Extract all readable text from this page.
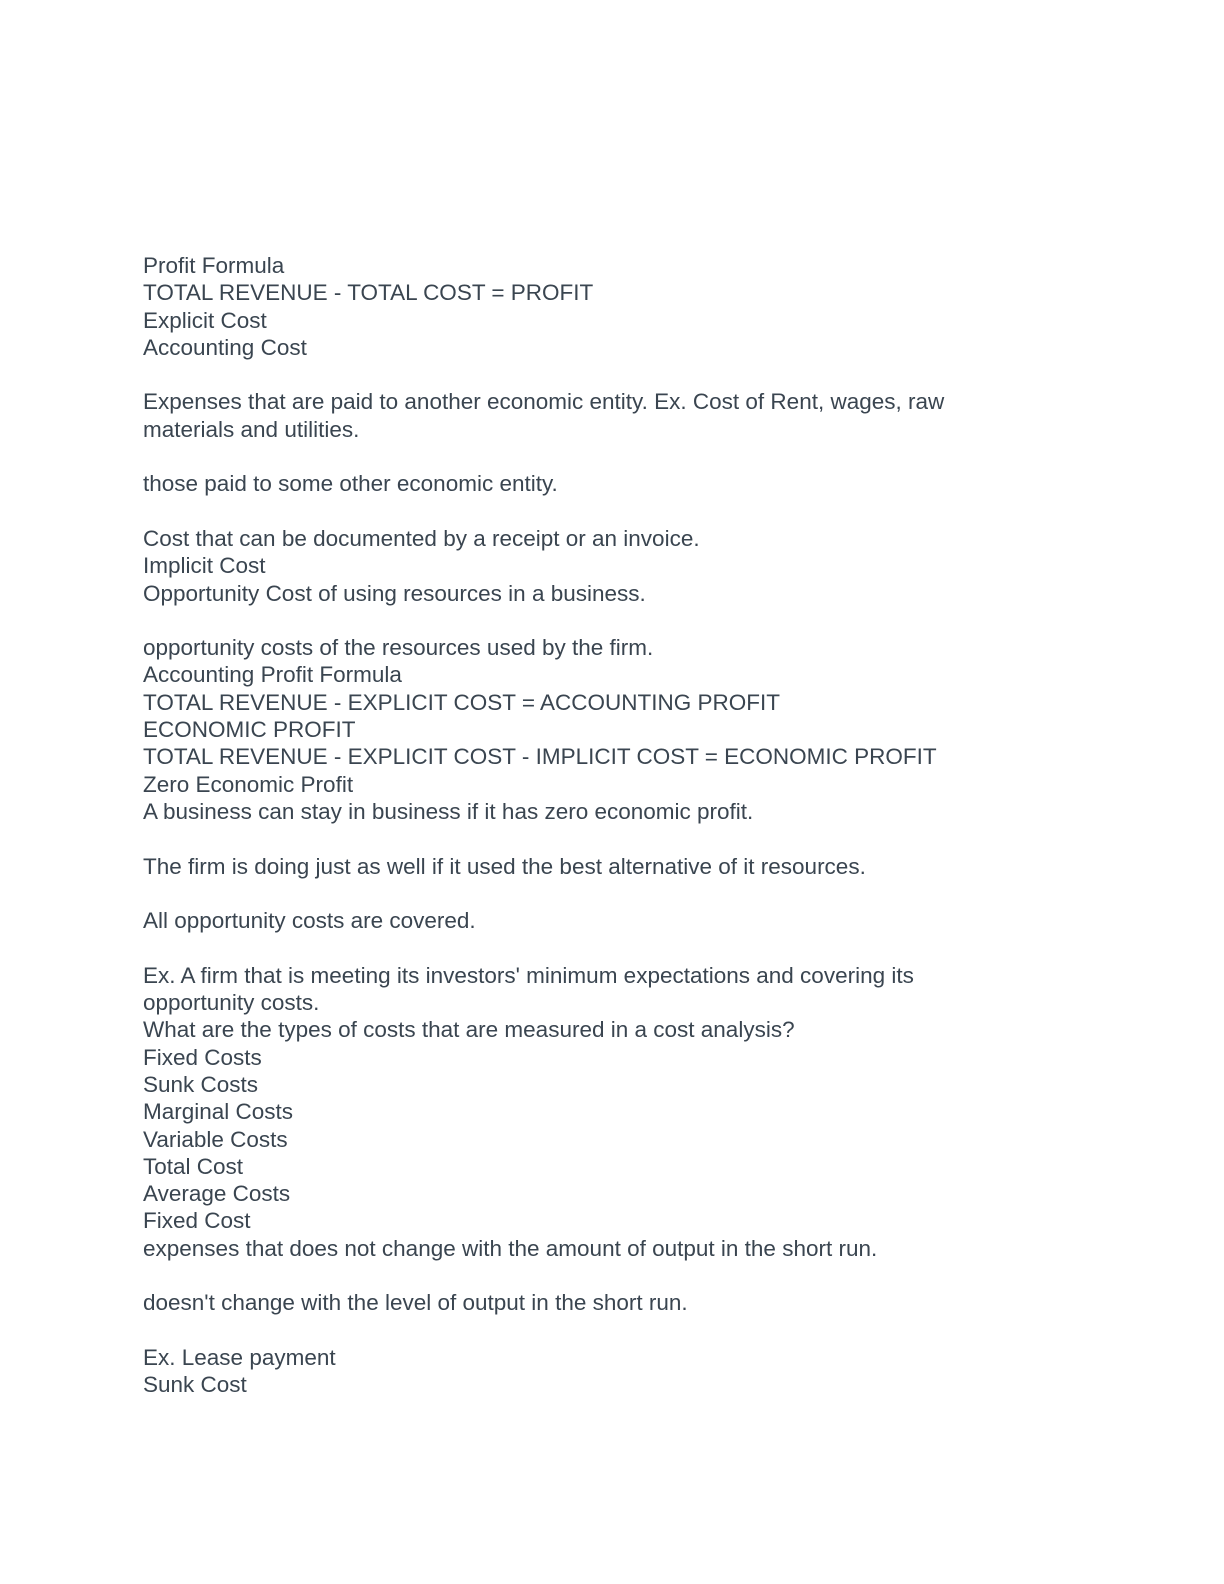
Profit Formula
TOTAL REVENUE - TOTAL COST = PROFIT
Explicit Cost
Accounting Cost
Expenses that are paid to another economic entity. Ex. Cost of Rent, wages, raw materials and utilities.
those paid to some other economic entity.
Cost that can be documented by a receipt or an invoice.
Implicit Cost
Opportunity Cost of using resources in a business.
opportunity costs of the resources used by the firm.
Accounting Profit Formula
TOTAL REVENUE - EXPLICIT COST = ACCOUNTING PROFIT
ECONOMIC PROFIT
TOTAL REVENUE - EXPLICIT COST - IMPLICIT COST = ECONOMIC PROFIT
Zero Economic Profit
A business can stay in business if it has zero economic profit.
The firm is doing just as well if it used the best alternative of it resources.
All opportunity costs are covered.
Ex. A firm that is meeting its investors' minimum expectations and covering its opportunity costs.
What are the types of costs that are measured in a cost analysis?
Fixed Costs
Sunk Costs
Marginal Costs
Variable Costs
Total Cost
Average Costs
Fixed Cost
expenses that does not change with the amount of output in the short run.
doesn't change with the level of output in the short run.
Ex. Lease payment
Sunk Cost
